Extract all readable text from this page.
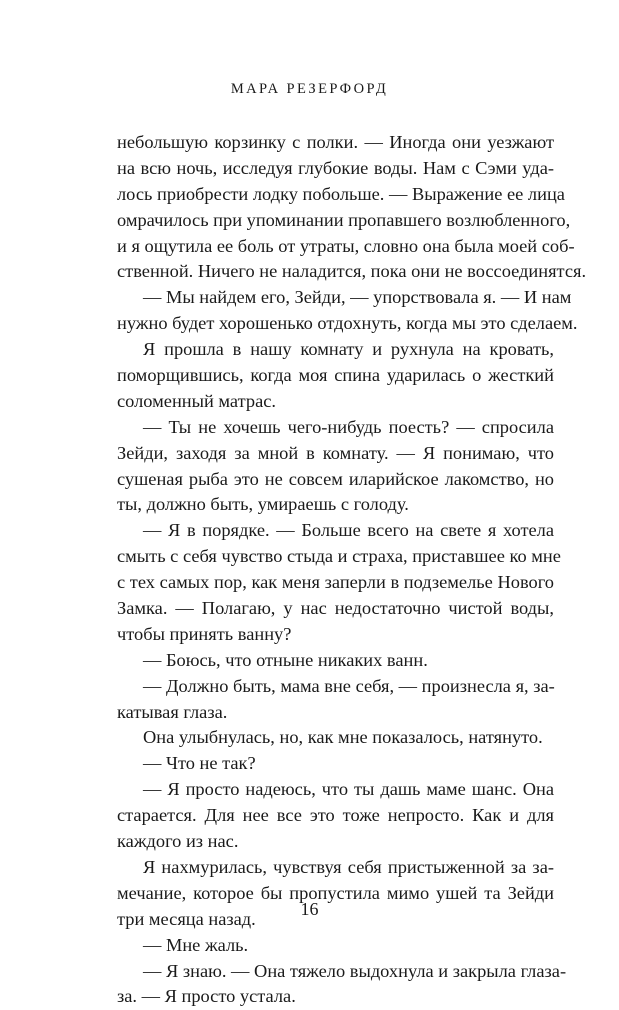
МАРА РЕЗЕРФОРД
небольшую корзинку с полки. — Иногда они уезжают
на всю ночь, исследуя глубокие воды. Нам с Сэми уда-
лось приобрести лодку побольше. — Выражение ее лица
омрачилось при упоминании пропавшего возлюбленного,
и я ощутила ее боль от утраты, словно она была моей соб-
ственной. Ничего не наладится, пока они не воссоединятся.
— Мы найдем его, Зейди, — упорствовала я. — И нам
нужно будет хорошенько отдохнуть, когда мы это сделаем.
Я прошла в нашу комнату и рухнула на кровать,
поморщившись, когда моя спина ударилась о жесткий
соломенный матрас.
— Ты не хочешь чего-нибудь поесть? — спросила
Зейди, заходя за мной в комнату. — Я понимаю, что
сушеная рыба это не совсем иларийское лакомство, но
ты, должно быть, умираешь с голоду.
— Я в порядке. — Больше всего на свете я хотела
смыть с себя чувство стыда и страха, приставшее ко мне
с тех самых пор, как меня заперли в подземелье Нового
Замка. — Полагаю, у нас недостаточно чистой воды,
чтобы принять ванну?
— Боюсь, что отныне никаких ванн.
— Должно быть, мама вне себя, — произнесла я, за-
катывая глаза.
Она улыбнулась, но, как мне показалось, натянуто.
— Что не так?
— Я просто надеюсь, что ты дашь маме шанс. Она
старается. Для нее все это тоже непросто. Как и для
каждого из нас.
Я нахмурилась, чувствуя себя пристыженной за за-
мечание, которое бы пропустила мимо ушей та Зейди
три месяца назад.
— Мне жаль.
— Я знаю. — Она тяжело выдохнула и закрыла глаза-
за. — Я просто устала.
16
